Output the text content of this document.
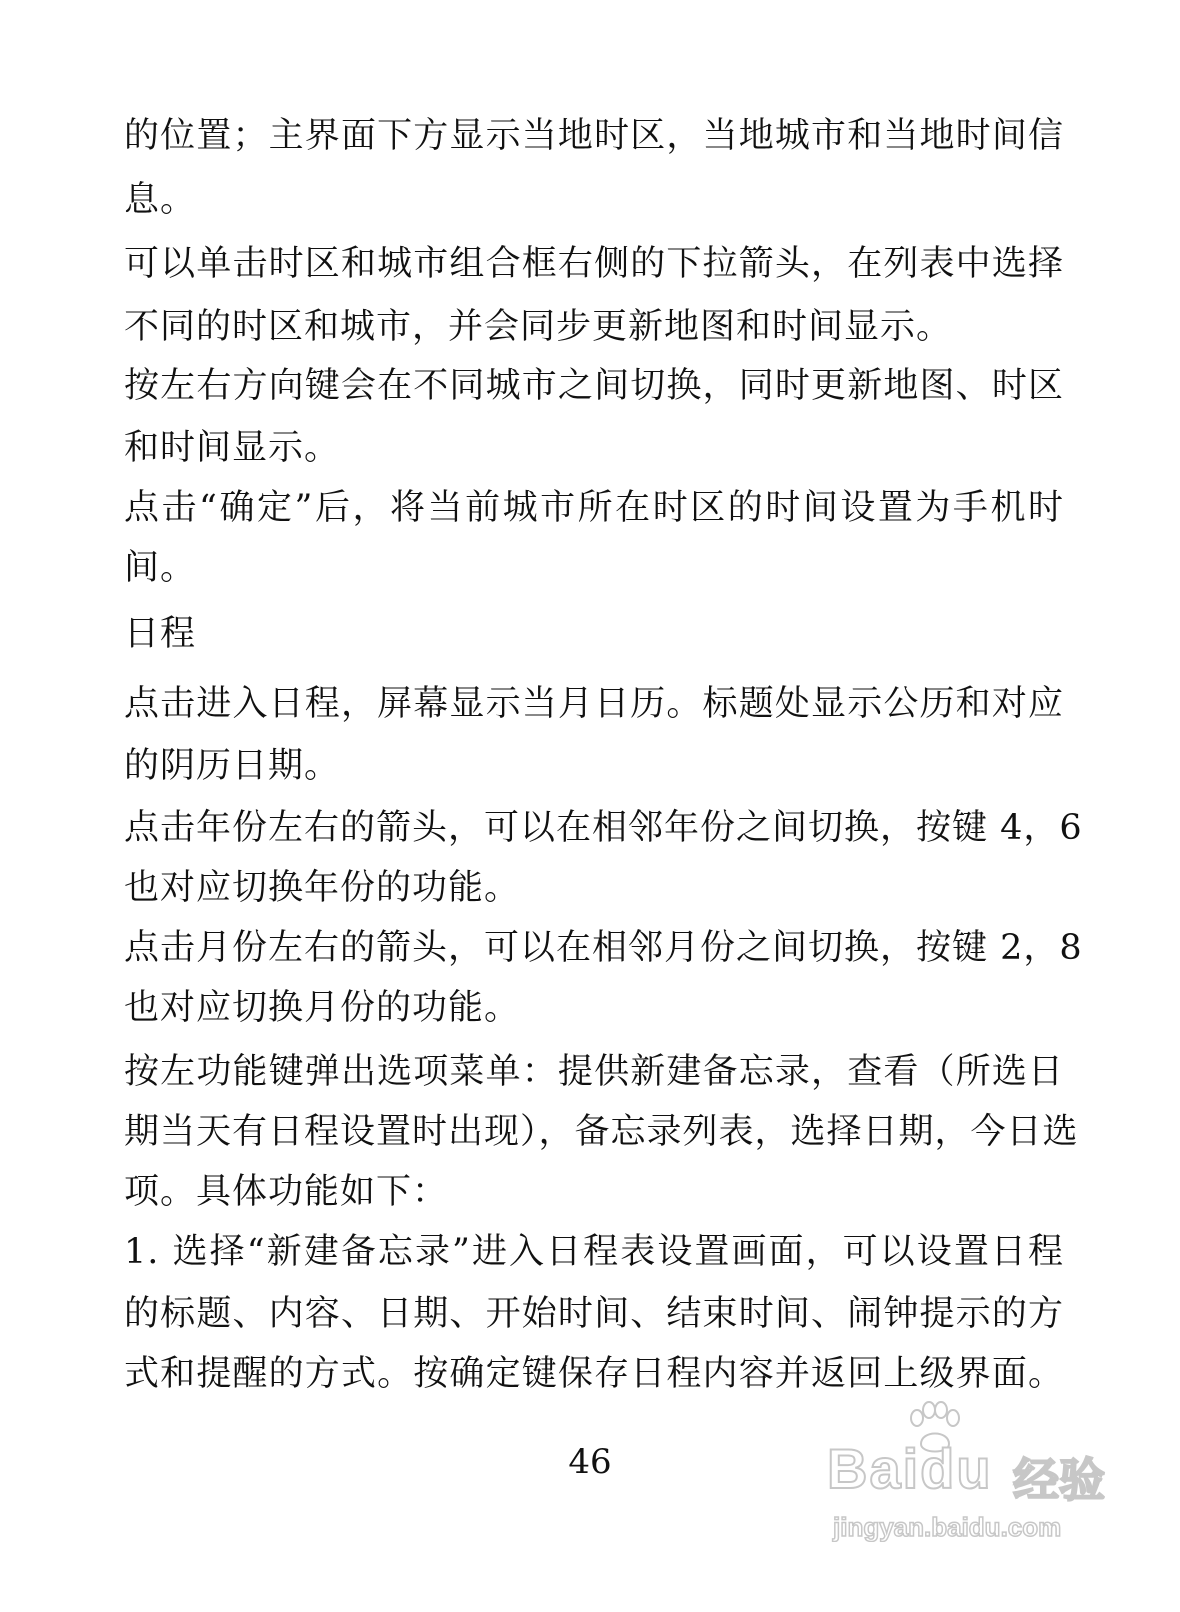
的位置；主界面下方显示当地时区，当地城市和当地时间信
息。
可以单击时区和城市组合框右侧的下拉箭头，在列表中选择
不同的时区和城市，并会同步更新地图和时间显示。
按左右方向键会在不同城市之间切换，同时更新地图、时区
和时间显示。
点击“确定”后，将当前城市所在时区的时间设置为手机时
间。
日程
点击进入日程，屏幕显示当月日历。标题处显示公历和对应
的阴历日期。
点击年份左右的箭头，可以在相邻年份之间切换，按键 4，6
也对应切换年份的功能。
点击月份左右的箭头，可以在相邻月份之间切换，按键 2，8
也对应切换月份的功能。
按左功能键弹出选项菜单：提供新建备忘录，查看（所选日
期当天有日程设置时出现），备忘录列表，选择日期，今日选
项。具体功能如下：
1. 选择“新建备忘录”进入日程表设置画面，可以设置日程
的标题、内容、日期、开始时间、结束时间、闹钟提示的方
式和提醒的方式。按确定键保存日程内容并返回上级界面。
46	Baidu 经验
jingyan.baidu.com
